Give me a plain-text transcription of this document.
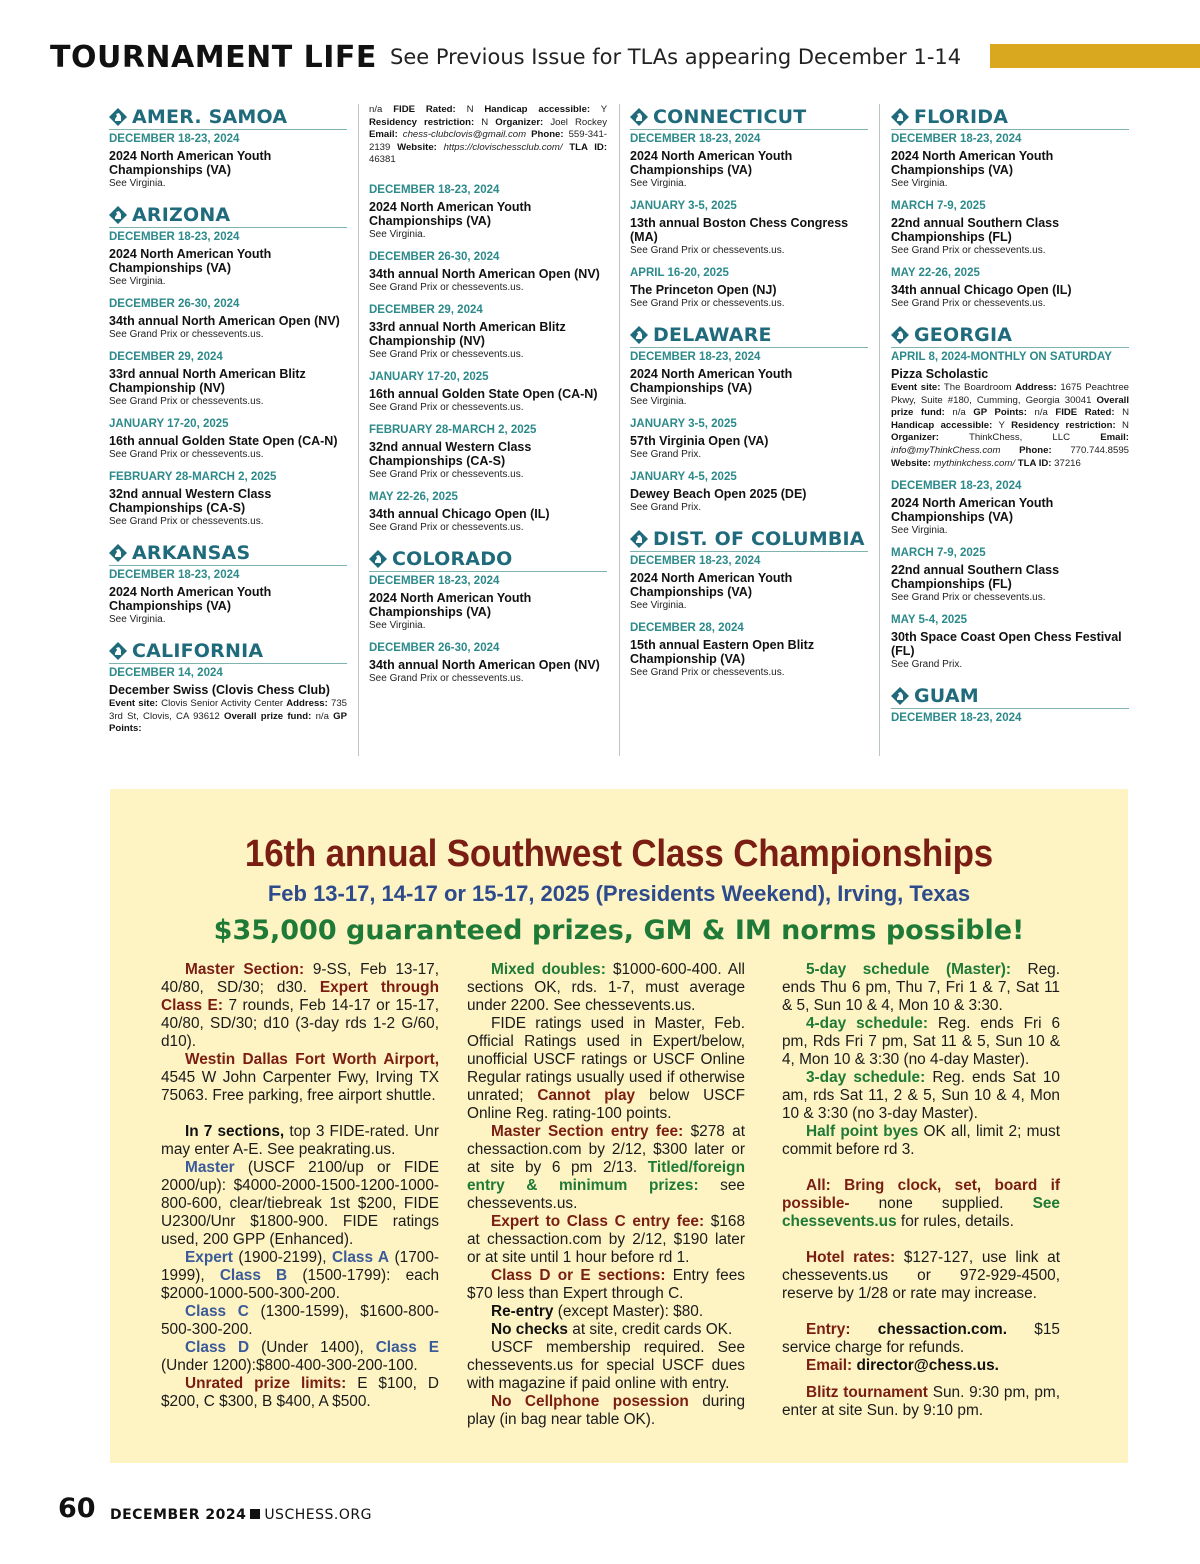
TOURNAMENT LIFE See Previous Issue for TLAs appearing December 1-14
AMER. SAMOA
DECEMBER 18-23, 2024
2024 North American Youth Championships (VA)
See Virginia.
ARIZONA
DECEMBER 18-23, 2024
2024 North American Youth Championships (VA)
See Virginia.
DECEMBER 26-30, 2024
34th annual North American Open (NV)
See Grand Prix or chessevents.us.
DECEMBER 29, 2024
33rd annual North American Blitz Championship (NV)
See Grand Prix or chessevents.us.
JANUARY 17-20, 2025
16th annual Golden State Open (CA-N)
See Grand Prix or chessevents.us.
FEBRUARY 28-MARCH 2, 2025
32nd annual Western Class Championships (CA-S)
See Grand Prix or chessevents.us.
ARKANSAS
DECEMBER 18-23, 2024
2024 North American Youth Championships (VA)
See Virginia.
CALIFORNIA
DECEMBER 14, 2024
December Swiss (Clovis Chess Club)
Event site: Clovis Senior Activity Center Address: 735 3rd St, Clovis, CA 93612 Overall prize fund: n/a GP Points:
n/a FIDE Rated: N Handicap accessible: Y Residency restriction: N Organizer: Joel Rockey Email: chess-clubclovis@gmail.com Phone: 559-341-2139 Website: https://clovischessclub.com/ TLA ID: 46381
DECEMBER 18-23, 2024
2024 North American Youth Championships (VA)
See Virginia.
DECEMBER 26-30, 2024
34th annual North American Open (NV)
See Grand Prix or chessevents.us.
DECEMBER 29, 2024
33rd annual North American Blitz Championship (NV)
See Grand Prix or chessevents.us.
JANUARY 17-20, 2025
16th annual Golden State Open (CA-N)
See Grand Prix or chessevents.us.
FEBRUARY 28-MARCH 2, 2025
32nd annual Western Class Championships (CA-S)
See Grand Prix or chessevents.us.
MAY 22-26, 2025
34th annual Chicago Open (IL)
See Grand Prix or chessevents.us.
COLORADO
DECEMBER 18-23, 2024
2024 North American Youth Championships (VA)
See Virginia.
DECEMBER 26-30, 2024
34th annual North American Open (NV)
See Grand Prix or chessevents.us.
CONNECTICUT
DECEMBER 18-23, 2024
2024 North American Youth Championships (VA)
See Virginia.
JANUARY 3-5, 2025
13th annual Boston Chess Congress (MA)
See Grand Prix or chessevents.us.
APRIL 16-20, 2025
The Princeton Open (NJ)
See Grand Prix or chessevents.us.
DELAWARE
DECEMBER 18-23, 2024
2024 North American Youth Championships (VA)
See Virginia.
JANUARY 3-5, 2025
57th Virginia Open (VA)
See Grand Prix.
JANUARY 4-5, 2025
Dewey Beach Open 2025 (DE)
See Grand Prix.
DIST. OF COLUMBIA
DECEMBER 18-23, 2024
2024 North American Youth Championships (VA)
See Virginia.
DECEMBER 28, 2024
15th annual Eastern Open Blitz Championship (VA)
See Grand Prix or chessevents.us.
FLORIDA
DECEMBER 18-23, 2024
2024 North American Youth Championships (VA)
See Virginia.
MARCH 7-9, 2025
22nd annual Southern Class Championships (FL)
See Grand Prix or chessevents.us.
MAY 22-26, 2025
34th annual Chicago Open (IL)
See Grand Prix or chessevents.us.
GEORGIA
APRIL 8, 2024-MONTHLY ON SATURDAY
Pizza Scholastic
Event site: The Boardroom Address: 1675 Peachtree Pkwy, Suite #180, Cumming, Georgia 30041 Overall prize fund: n/a GP Points: n/a FIDE Rated: N Handicap accessible: Y Residency restriction: N Organizer:	ThinkChess, LLC	Email: info@myThinkChess.com Phone: 770.744.8595 Website: mythinkchess.com/ TLA ID: 37216
DECEMBER 18-23, 2024
2024 North American Youth Championships (VA)
See Virginia.
MARCH 7-9, 2025
22nd annual Southern Class Championships (FL)
See Grand Prix or chessevents.us.
MAY 5-4, 2025
30th Space Coast Open Chess Festival (FL)
See Grand Prix.
GUAM
DECEMBER 18-23, 2024
16th annual Southwest Class Championships
Feb 13-17, 14-17 or 15-17, 2025 (Presidents Weekend), Irving, Texas
$35,000 guaranteed prizes, GM & IM norms possible!

Master Section: 9-SS, Feb 13-17, 40/80, SD/30; d30. Expert through Class E: 7 rounds, Feb 14-17 or 15-17, 40/80, SD/30; d10 (3-day rds 1-2 G/60, d10).

Westin Dallas Fort Worth Airport, 4545 W John Carpenter Fwy, Irving TX 75063. Free parking, free airport shuttle.

In 7 sections, top 3 FIDE-rated. Unr may enter A-E. See peakrating.us.

Master (USCF 2100/up or FIDE 2000/up): $4000-2000-1500-1200-1000-800-600, clear/tiebreak 1st $200, FIDE U2300/Unr $1800-900. FIDE ratings used, 200 GPP (Enhanced).

Expert (1900-2199), Class A (1700-1999), Class B (1500-1799): each $2000-1000-500-300-200.

Class C (1300-1599), $1600-800-500-300-200.

Class D (Under 1400), Class E (Under 1200):$800-400-300-200-100.

Unrated prize limits: E $100, D $200, C $300, B $400, A $500.

Mixed doubles: $1000-600-400. All sections OK, rds. 1-7, must average under 2200. See chessevents.us.

FIDE ratings used in Master, Feb. Official Ratings used in Expert/below, unofficial USCF ratings or USCF Online Regular ratings usually used if otherwise unrated; Cannot play below USCF Online Reg. rating-100 points.

Master Section entry fee: $278 at chessaction.com by 2/12, $300 later or at site by 6 pm 2/13. Titled/foreign entry & minimum prizes: see chessevents.us.

Expert to Class C entry fee: $168 at chessaction.com by 2/12, $190 later or at site until 1 hour before rd 1.

Class D or E sections: Entry fees $70 less than Expert through C.

Re-entry (except Master): $80.

No checks at site, credit cards OK.

USCF membership required. See chessevents.us for special USCF dues with magazine if paid online with entry.

No Cellphone posession during play (in bag near table OK).

5-day schedule (Master): Reg. ends Thu 6 pm, Thu 7, Fri 1 & 7, Sat 11 & 5, Sun 10 & 4, Mon 10 & 3:30.

4-day schedule: Reg. ends Fri 6 pm, Rds Fri 7 pm, Sat 11 & 5, Sun 10 & 4, Mon 10 & 3:30 (no 4-day Master).

3-day schedule: Reg. ends Sat 10 am, rds Sat 11, 2 & 5, Sun 10 & 4, Mon 10 & 3:30 (no 3-day Master).

Half point byes OK all, limit 2; must commit before rd 3.

All: Bring clock, set, board if possible- none supplied. See chessevents.us for rules, details.

Hotel rates: $127-127, use link at chessevents.us or 972-929-4500, reserve by 1/28 or rate may increase.

Entry: chessaction.com. $15 service charge for refunds.

Email: director@chess.us.

Blitz tournament Sun. 9:30 pm, pm, enter at site Sun. by 9:10 pm.

60 DECEMBER 2024 USCHESS.ORG
